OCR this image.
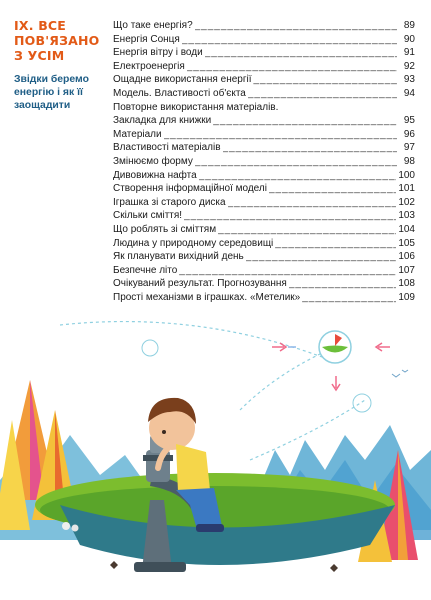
IX. ВСЕ
ПОВ'ЯЗАНО
З УСІМ
Звідки беремо
енергію і як її
заощадити
Що таке енергія? _____	89
Енергія Сонця _____	90
Енергія вітру і води _____	91
Електроенергія _____	92
Ощадне використання енергії _____	93
Модель. Властивості об'єкта _____	94
Повторне використання матеріалів.
Закладка для книжки _____	95
Матеріали _____	96
Властивості матеріалів _____	97
Змінюємо форму _____	98
Дивовижна нафта _____	100
Створення інформаційної моделі _____	101
Іграшка зі старого диска _____	102
Скільки сміття! _____	103
Що роблять зі сміттям _____	104
Людина у природному середовищі _____	105
Як планувати вихідний день _____	106
Безпечне літо _____	107
Очікуваний результат. Прогнозування _____	108
Прості механізми в іграшках. «Метелик» _____	109
